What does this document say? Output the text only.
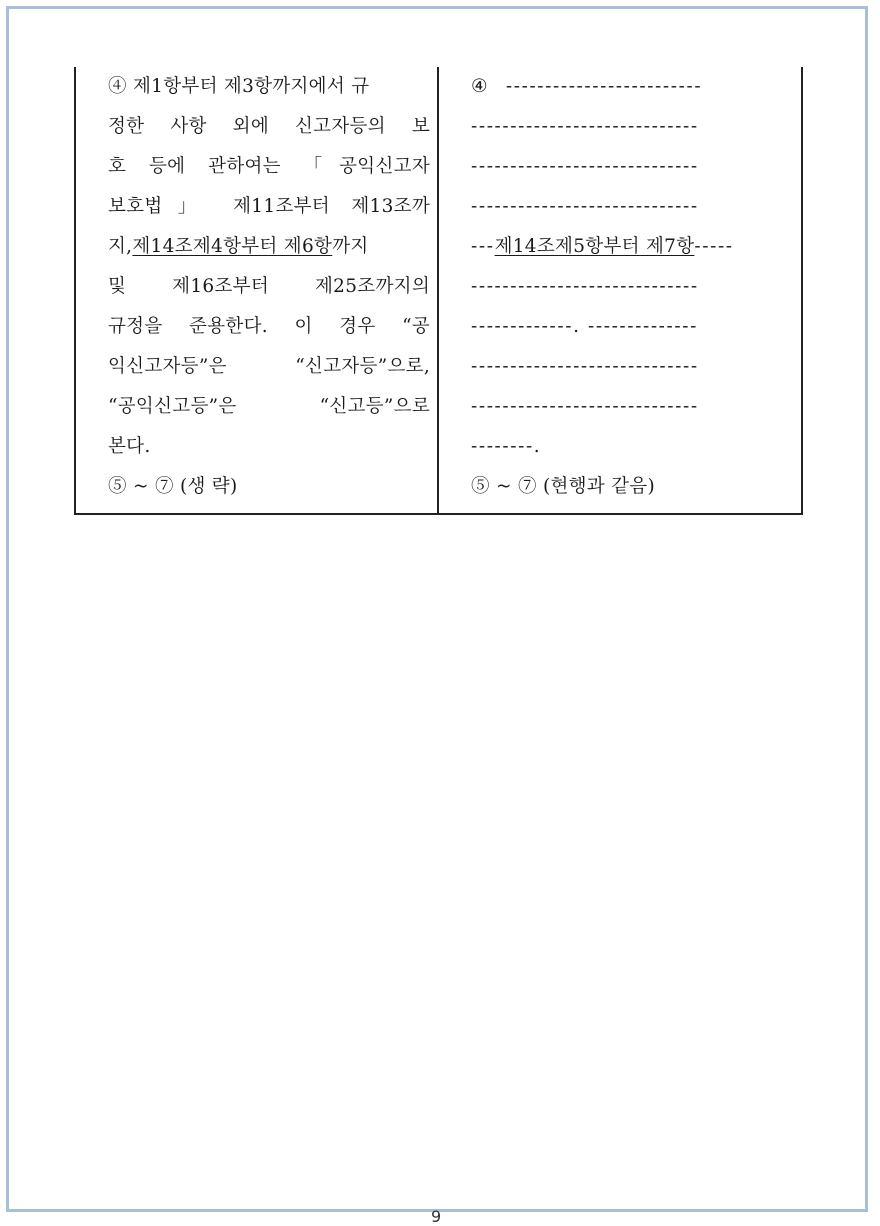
④ 제1항부터 제3항까지에서 규
정한 사항 외에 신고자등의 보
호 등에 관하여는 「공익신고자
보호법」 제11조부터 제13조까
지, 제14조제4항부터 제6항까지
및 제16조부터 제25조까지의
규정을 준용한다. 이 경우 “공
익신고자등”은 “신고자등”으로,
“공익신고등”은 “신고등”으로
본다.
⑤ ~ ⑦ (생 략)
④ -------------------------
-----------------------------
-----------------------------
-----------------------------
---제14조제5항부터 제7항-----
-----------------------------
-------------. --------------
-----------------------------
-----------------------------
--------.
⑤ ~ ⑦ (현행과 같음)
9
